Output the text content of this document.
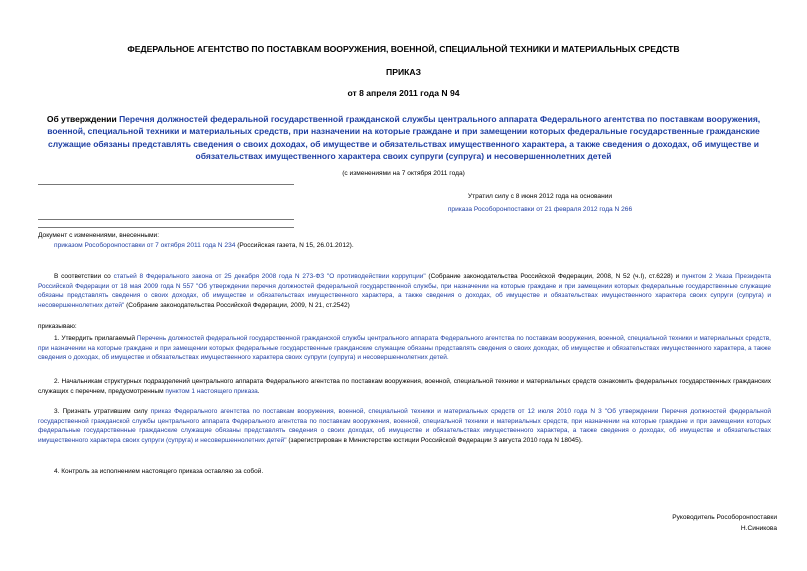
ФЕДЕРАЛЬНОЕ АГЕНТСТВО ПО ПОСТАВКАМ ВООРУЖЕНИЯ, ВОЕННОЙ, СПЕЦИАЛЬНОЙ ТЕХНИКИ И МАТЕРИАЛЬНЫХ СРЕДСТВ
ПРИКАЗ
от 8 апреля 2011 года N 94
Об утверждении Перечня должностей федеральной государственной гражданской службы центрального аппарата Федерального агентства по поставкам вооружения, военной, специальной техники и материальных средств, при назначении на которые граждане и при замещении которых федеральные государственные гражданские служащие обязаны представлять сведения о своих доходах, об имуществе и обязательствах имущественного характера, а также сведения о доходах, об имуществе и обязательствах имущественного характера своих супруги (супруга) и несовершеннолетних детей
(с изменениями на 7 октября 2011 года)
Утратил силу с 8 июня 2012 года на основании
приказа Рособоронпоставки от 21 февраля 2012 года N 266
Документ с изменениями, внесенными:
приказом Рособоронпоставки от 7 октября 2011 года N 234 (Российская газета, N 15, 26.01.2012).
В соответствии со статьей 8 Федерального закона от 25 декабря 2008 года N 273-ФЗ "О противодействии коррупции" (Собрание законодательства Российской Федерации, 2008, N 52 (ч.I), ст.6228) и пунктом 2 Указа Президента Российской Федерации от 18 мая 2009 года N 557 "Об утверждении перечня должностей федеральной государственной службы, при назначении на которые граждане и при замещении которых федеральные государственные служащие обязаны представлять сведения о своих доходах, об имуществе и обязательствах имущественного характера, а также сведения о доходах, об имуществе и обязательствах имущественного характера своих супруги (супруга) и несовершеннолетних детей" (Собрание законодательства Российской Федерации, 2009, N 21, ст.2542)
приказываю:
1. Утвердить прилагаемый Перечень должностей федеральной государственной гражданской службы центрального аппарата Федерального агентства по поставкам вооружения, военной, специальной техники и материальных средств, при назначении на которые граждане и при замещении которых федеральные государственные гражданские служащие обязаны представлять сведения о своих доходах, об имуществе и обязательствах имущественного характера, а также сведения о доходах, об имуществе и обязательствах имущественного характера своих супруги (супруга) и несовершеннолетних детей.
2. Начальникам структурных подразделений центрального аппарата Федерального агентства по поставкам вооружения, военной, специальной техники и материальных средств ознакомить федеральных государственных гражданских служащих с перечнем, предусмотренным пунктом 1 настоящего приказа.
3. Признать утратившим силу приказ Федерального агентства по поставкам вооружения, военной, специальной техники и материальных средств от 12 июля 2010 года N 3 "Об утверждении Перечня должностей федеральной государственной гражданской службы центрального аппарата Федерального агентства по поставкам вооружения, военной, специальной техники и материальных средств, при назначении на которые граждане и при замещении которых федеральные государственные гражданские служащие обязаны представлять сведения о своих доходах, об имуществе и обязательствах имущественного характера, а также сведения о доходах, об имуществе и обязательствах имущественного характера своих супруги (супруга) и несовершеннолетних детей" (зарегистрирован в Министерстве юстиции Российской Федерации 3 августа 2010 года N 18045).
4. Контроль за исполнением настоящего приказа оставляю за собой.
Руководитель Рособоронпоставки
Н.Синикова
